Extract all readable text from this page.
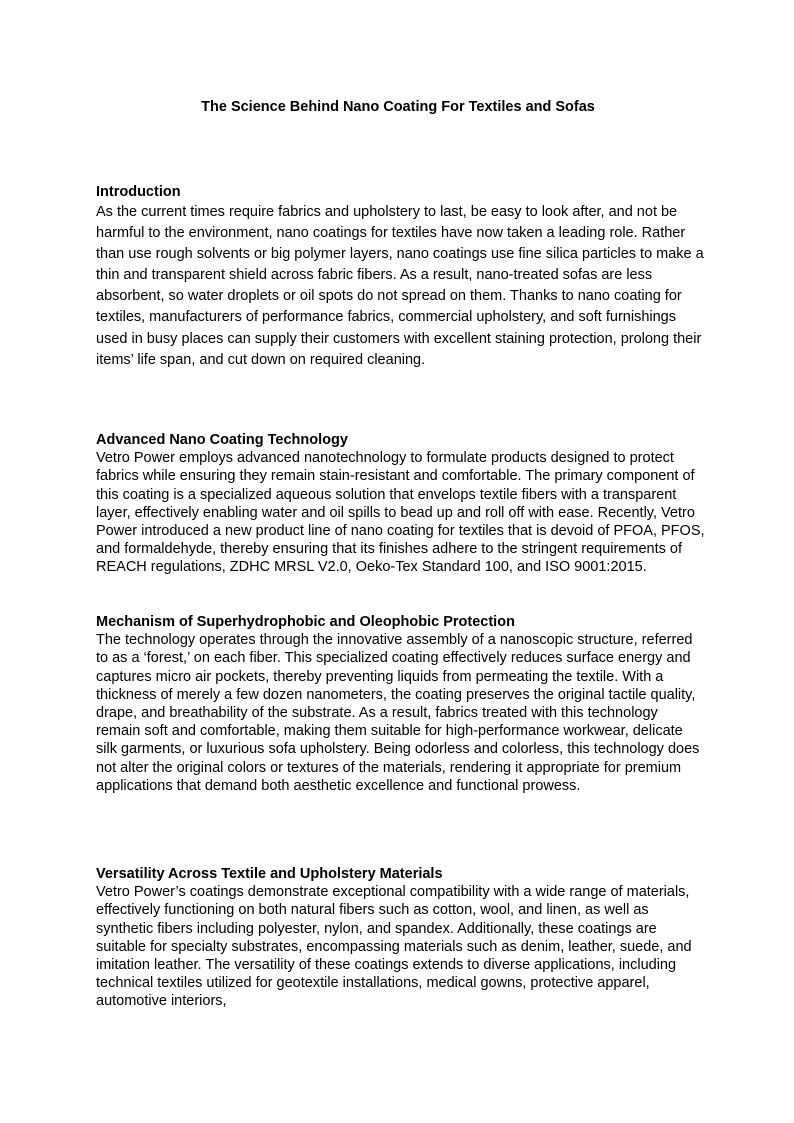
The Science Behind Nano Coating For Textiles and Sofas
Introduction

As the current times require fabrics and upholstery to last, be easy to look after, and not be harmful to the environment, nano coatings for textiles have now taken a leading role. Rather than use rough solvents or big polymer layers, nano coatings use fine silica particles to make a thin and transparent shield across fabric fibers. As a result, nano-treated sofas are less absorbent, so water droplets or oil spots do not spread on them. Thanks to nano coating for textiles, manufacturers of performance fabrics, commercial upholstery, and soft furnishings used in busy places can supply their customers with excellent staining protection, prolong their items’ life span, and cut down on required cleaning.

Advanced Nano Coating Technology

Vetro Power employs advanced nanotechnology to formulate products designed to protect fabrics while ensuring they remain stain-resistant and comfortable. The primary component of this coating is a specialized aqueous solution that envelops textile fibers with a transparent layer, effectively enabling water and oil spills to bead up and roll off with ease. Recently, Vetro Power introduced a new product line of nano coating for textiles that is devoid of PFOA, PFOS, and formaldehyde, thereby ensuring that its finishes adhere to the stringent requirements of REACH regulations, ZDHC MRSL V2.0, Oeko-Tex Standard 100, and ISO 9001:2015.

Mechanism of Superhydrophobic and Oleophobic Protection

The technology operates through the innovative assembly of a nanoscopic structure, referred to as a ‘forest,’ on each fiber. This specialized coating effectively reduces surface energy and captures micro air pockets, thereby preventing liquids from permeating the textile. With a thickness of merely a few dozen nanometers, the coating preserves the original tactile quality, drape, and breathability of the substrate. As a result, fabrics treated with this technology remain soft and comfortable, making them suitable for high-performance workwear, delicate silk garments, or luxurious sofa upholstery. Being odorless and colorless, this technology does not alter the original colors or textures of the materials, rendering it appropriate for premium applications that demand both aesthetic excellence and functional prowess.

Versatility Across Textile and Upholstery Materials

Vetro Power’s coatings demonstrate exceptional compatibility with a wide range of materials, effectively functioning on both natural fibers such as cotton, wool, and linen, as well as synthetic fibers including polyester, nylon, and spandex. Additionally, these coatings are suitable for specialty substrates, encompassing materials such as denim, leather, suede, and imitation leather. The versatility of these coatings extends to diverse applications, including technical textiles utilized for geotextile installations, medical gowns, protective apparel, automotive interiors,
